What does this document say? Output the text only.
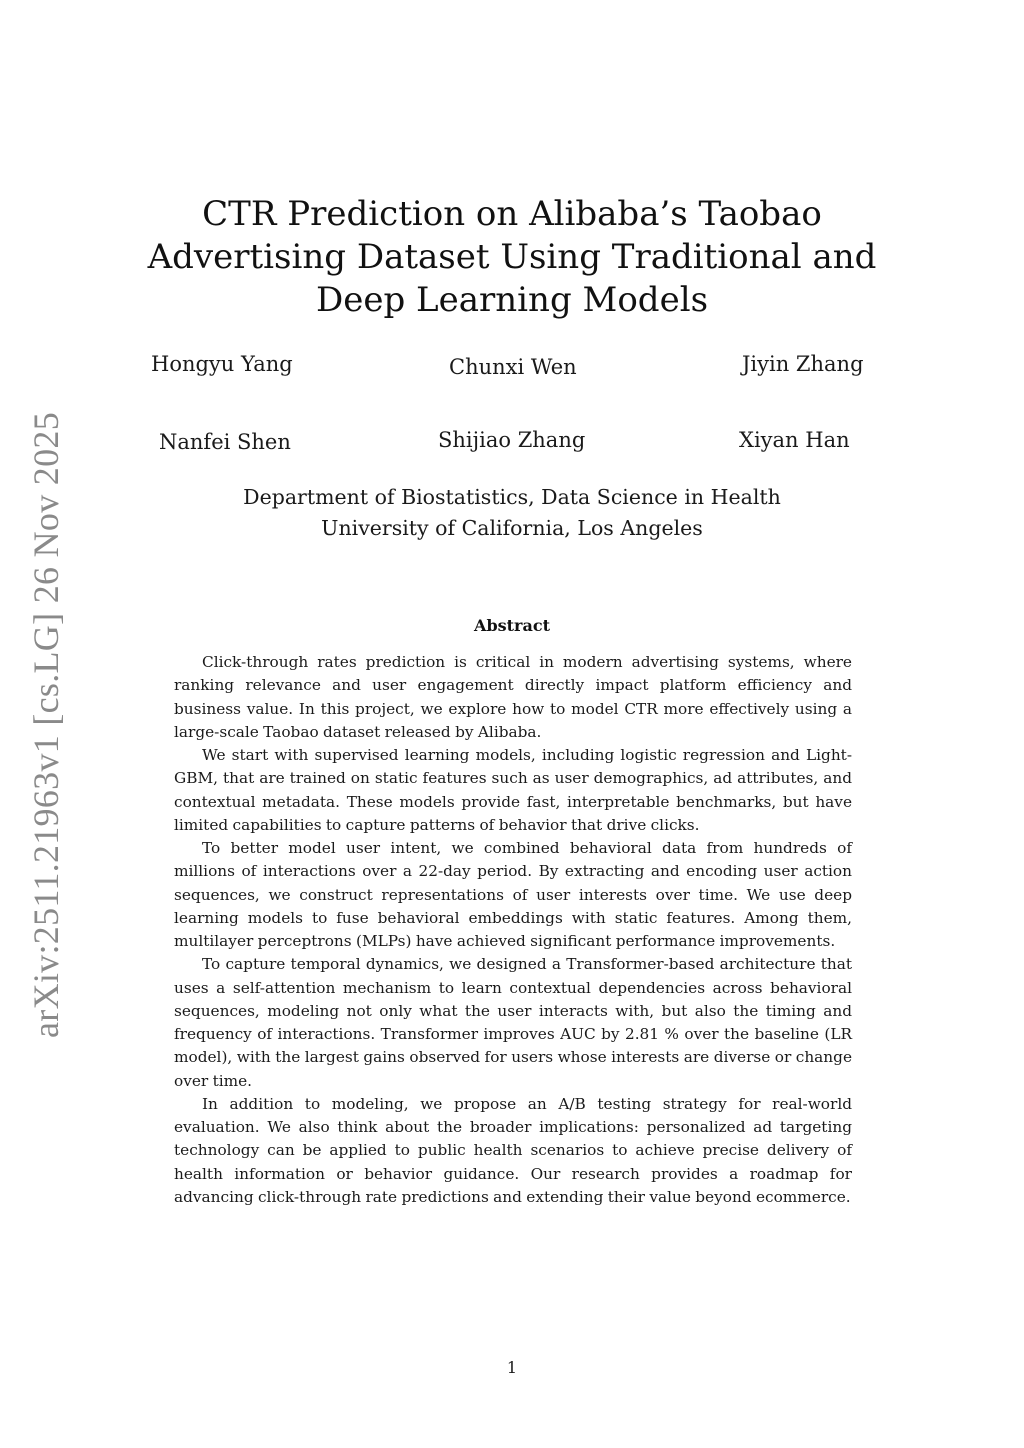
arXiv:2511.21963v1 [cs.LG] 26 Nov 2025
CTR Prediction on Alibaba’s Taobao
Advertising Dataset Using Traditional and
Deep Learning Models
Hongyu Yang	Chunxi Wen	Jiyin Zhang
Nanfei Shen	Shijiao Zhang	Xiyan Han
Department of Biostatistics, Data Science in Health
University of California, Los Angeles
Abstract

Click-through rates prediction is critical in modern advertising systems, where ranking relevance and user engagement directly impact platform efficiency and business value. In this project, we explore how to model CTR more effectively using a large-scale Taobao dataset released by Alibaba.

We start with supervised learning models, including logistic regression and LightGBM, that are trained on static features such as user demographics, ad attributes, and contextual metadata. These models provide fast, interpretable benchmarks, but have limited capabilities to capture patterns of behavior that drive clicks.

To better model user intent, we combined behavioral data from hundreds of millions of interactions over a 22-day period. By extracting and encoding user action sequences, we construct representations of user interests over time. We use deep learning models to fuse behavioral embeddings with static features. Among them, multilayer perceptrons (MLPs) have achieved significant performance improvements.

To capture temporal dynamics, we designed a Transformer-based architecture that uses a self-attention mechanism to learn contextual dependencies across behavioral sequences, modeling not only what the user interacts with, but also the timing and frequency of interactions. Transformer improves AUC by 2.81 % over the baseline (LR model), with the largest gains observed for users whose interests are diverse or change over time.

In addition to modeling, we propose an A/B testing strategy for real-world evaluation. We also think about the broader implications: personalized ad targeting technology can be applied to public health scenarios to achieve precise delivery of health information or behavior guidance. Our research provides a roadmap for advancing click-through rate predictions and extending their value beyond ecommerce.

1
